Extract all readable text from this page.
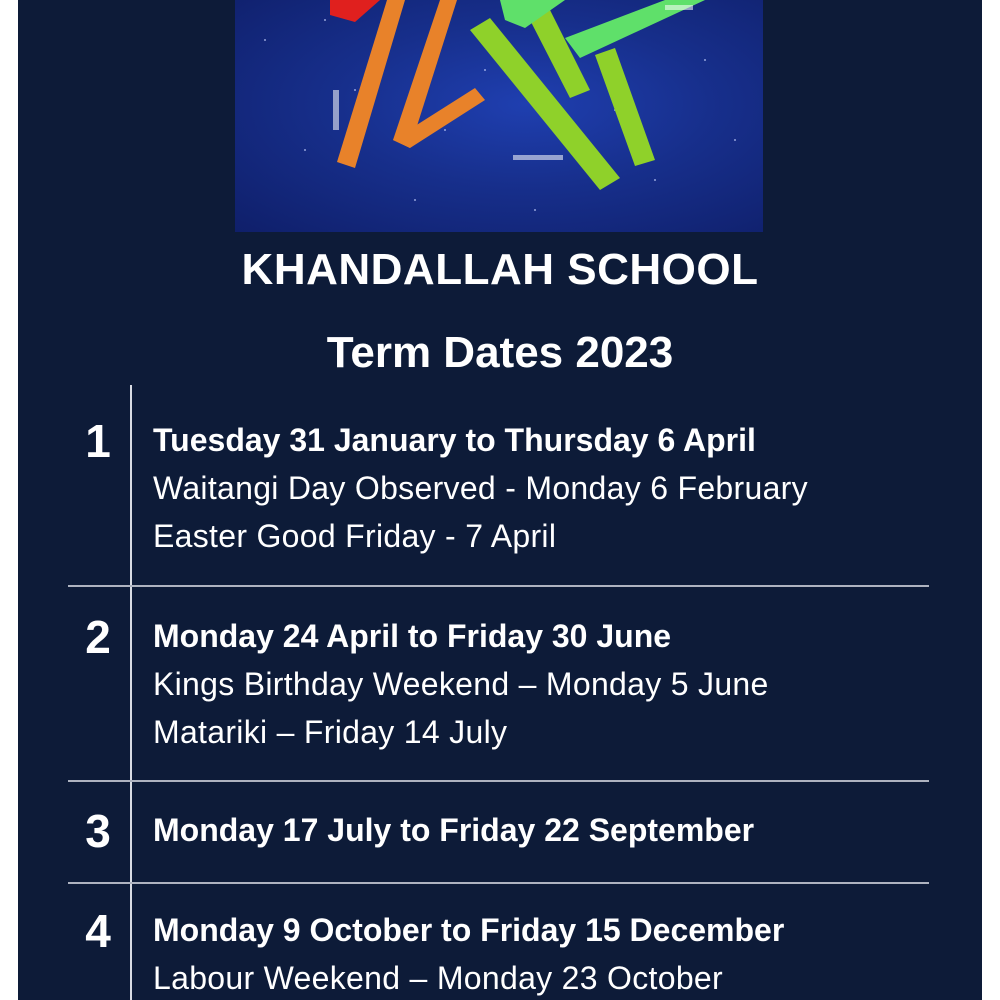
KHANDALLAH SCHOOL
Term Dates 2023
1 Tuesday 31 January to Thursday 6 April
Waitangi Day Observed - Monday 6 February
Easter Good Friday - 7 April
2 Monday 24 April to Friday 30 June
Kings Birthday Weekend – Monday 5 June
Matariki – Friday 14 July
3 Monday 17 July to Friday 22 September
4 Monday 9 October to Friday 15 December
Labour Weekend – Monday 23 October
